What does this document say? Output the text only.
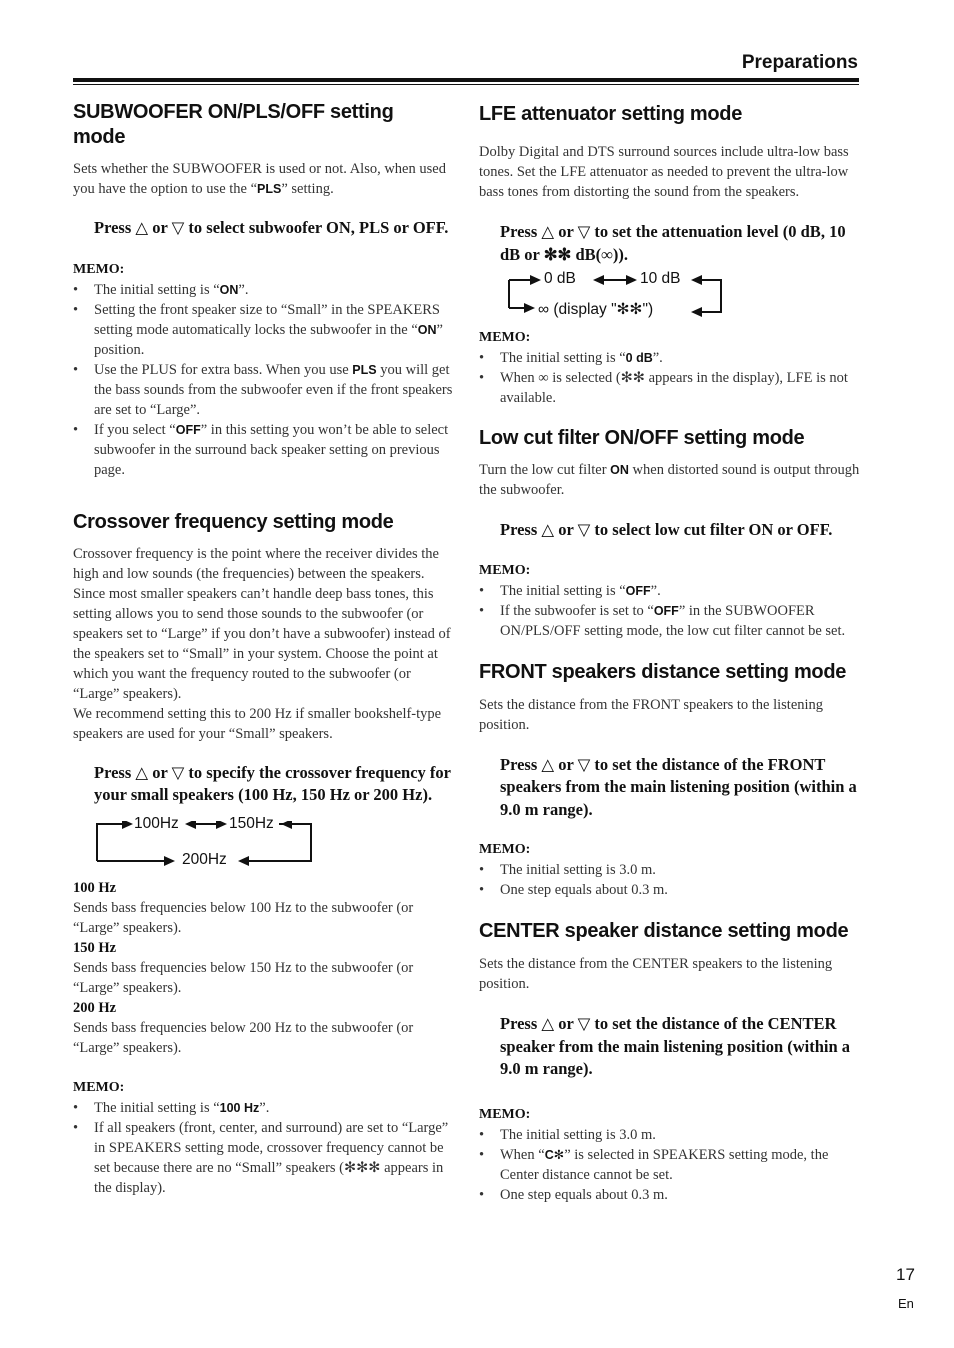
Preparations
SUBWOOFER ON/PLS/OFF setting mode

Sets whether the SUBWOOFER is used or not. Also, when used you have the option to use the “PLS” setting.

Press △ or ▽ to select subwoofer ON, PLS or OFF.

MEMO:
• The initial setting is “ON”.
• Setting the front speaker size to “Small” in the SPEAKERS setting mode automatically locks the subwoofer in the “ON” position.
• Use the PLUS for extra bass. When you use PLS you will get the bass sounds from the subwoofer even if the front speakers are set to “Large”.
• If you select “OFF” in this setting you won’t be able to select subwoofer in the surround back speaker setting on previous page.
Crossover frequency setting mode

Crossover frequency is the point where the receiver divides the high and low sounds (the frequencies) between the speakers. Since most smaller speakers can’t handle deep bass tones, this setting allows you to send those sounds to the subwoofer (or speakers set to “Large” if you don’t have a subwoofer) instead of the speakers set to “Small” in your system. Choose the point at which you want the frequency routed to the subwoofer (or “Large” speakers).

We recommend setting this to 200 Hz if smaller bookshelf-type speakers are used for your “Small” speakers.

Press △ or ▽ to specify the crossover frequency for your small speakers (100 Hz, 150 Hz or 200 Hz).

100Hz	150Hz
200Hz
100 Hz

Sends bass frequencies below 100 Hz to the subwoofer (or “Large” speakers).

150 Hz

Sends bass frequencies below 150 Hz to the subwoofer (or “Large” speakers).

200 Hz

Sends bass frequencies below 200 Hz to the subwoofer (or “Large” speakers).

MEMO:
• The initial setting is “100 Hz”.
• If all speakers (front, center, and surround) are set to “Large” in SPEAKERS setting mode, crossover frequency cannot be set because there are no “Small” speakers (✻✻✻ appears in the display).
LFE attenuator setting mode

Dolby Digital and DTS surround sources include ultra-low bass tones. Set the LFE attenuator as needed to prevent the ultra-low bass tones from distorting the sound from the speakers.

Press △ or ▽ to set the attenuation level (0 dB, 10 dB or ✻✻ dB(∞)).

0 dB	10 dB
∞ (display "✻✻")
MEMO:
• The initial setting is “0 dB”.
• When ∞ is selected (✻✻ appears in the display), LFE is not available.
Low cut filter ON/OFF setting mode

Turn the low cut filter ON when distorted sound is output through the subwoofer.

Press △ or ▽ to select low cut filter ON or OFF.

MEMO:
• The initial setting is “OFF”.
• If the subwoofer is set to “OFF” in the SUBWOOFER ON/PLS/OFF setting mode, the low cut filter cannot be set.
FRONT speakers distance setting mode

Sets the distance from the FRONT speakers to the listening position.

Press △ or ▽ to set the distance of the FRONT speakers from the main listening position (within a 9.0 m range).

MEMO:
• The initial setting is 3.0 m.
• One step equals about 0.3 m.
CENTER speaker distance setting mode

Sets the distance from the CENTER speakers to the listening position.

Press △ or ▽ to set the distance of the CENTER speaker from the main listening position (within a 9.0 m range).

MEMO:
• The initial setting is 3.0 m.
• When “C✻” is selected in SPEAKERS setting mode, the Center distance cannot be set.
• One step equals about 0.3 m.
17
En
